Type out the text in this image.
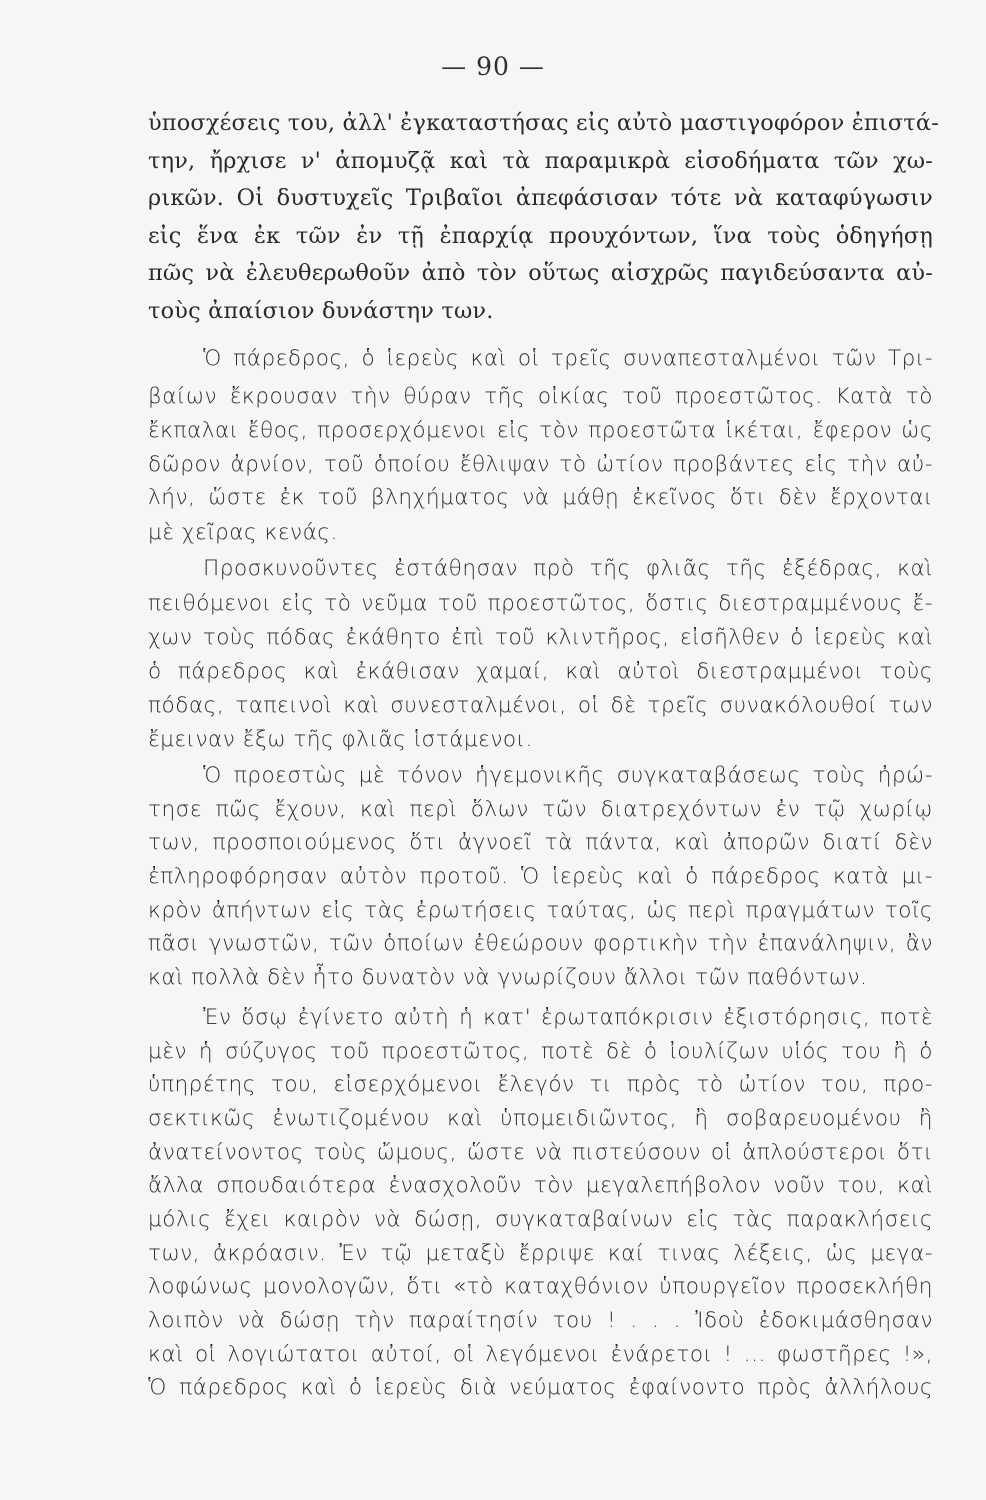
— 90 —
ὑποσχέσεις του, ἀλλ' ἐγκαταστήσας εἰς αὐτὸ μαστιγοφόρον ἐπιστά-
την, ἤρχισε ν' ἀπομυζᾷ καὶ τὰ παραμικρὰ εἰσοδήματα τῶν χω-
ρικῶν. Οἱ δυστυχεῖς Τριβαῖοι ἀπεφάσισαν τότε νὰ καταφύγωσιν
εἰς ἕνα ἐκ τῶν ἐν τῇ ἐπαρχίᾳ προυχόντων, ἵνα τοὺς ὁδηγήσῃ
πῶς νὰ ἐλευθερωθοῦν ἀπὸ τὸν οὕτως αἰσχρῶς παγιδεύσαντα αὐ-
τοὺς ἀπαίσιον δυνάστην των.
Ὁ πάρεδρος, ὁ ἱερεὺς καὶ οἱ τρεῖς συναπεσταλμένοι τῶν Τρι-
βαίων ἔκρουσαν τὴν θύραν τῆς οἰκίας τοῦ προεστῶτος. Κατὰ τὸ
ἔκπαλαι ἔθος, προσερχόμενοι εἰς τὸν προεστῶτα ἱκέται, ἔφερον ὡς
δῶρον ἀρνίον, τοῦ ὁποίου ἔθλιψαν τὸ ὠτίον προβάντες εἰς τὴν αὐ-
λήν, ὥστε ἐκ τοῦ βληχήματος νὰ μάθῃ ἐκεῖνος ὅτι δὲν ἔρχονται
μὲ χεῖρας κενάς.
Προσκυνοῦντες ἐστάθησαν πρὸ τῆς φλιᾶς τῆς ἐξέδρας, καὶ
πειθόμενοι εἰς τὸ νεῦμα τοῦ προεστῶτος, ὅστις διεστραμμένους ἔ-
χων τοὺς πόδας ἐκάθητο ἐπὶ τοῦ κλιντῆρος, εἰσῆλθεν ὁ ἱερεὺς καὶ
ὁ πάρεδρος καὶ ἐκάθισαν χαμαί, καὶ αὐτοὶ διεστραμμένοι τοὺς
πόδας, ταπεινοὶ καὶ συνεσταλμένοι, οἱ δὲ τρεῖς συνακόλουθοί των
ἔμειναν ἔξω τῆς φλιᾶς ἱστάμενοι.
Ὁ προεστὼς μὲ τόνον ἡγεμονικῆς συγκαταβάσεως τοὺς ἠρώ-
τησε πῶς ἔχουν, καὶ περὶ ὅλων τῶν διατρεχόντων ἐν τῷ χωρίῳ
των, προσποιούμενος ὅτι ἀγνοεῖ τὰ πάντα, καὶ ἀπορῶν διατί δὲν
ἐπληροφόρησαν αὐτὸν προτοῦ. Ὁ ἱερεὺς καὶ ὁ πάρεδρος κατὰ μι-
κρὸν ἀπήντων εἰς τὰς ἐρωτήσεις ταύτας, ὡς περὶ πραγμάτων τοῖς
πᾶσι γνωστῶν, τῶν ὁποίων ἐθεώρουν φορτικὴν τὴν ἐπανάληψιν, ἂν
καὶ πολλὰ δὲν ἦτο δυνατὸν νὰ γνωρίζουν ἄλλοι τῶν παθόντων.
Ἐν ὅσῳ ἐγίνετο αὐτὴ ἡ κατ' ἐρωταπόκρισιν ἐξιστόρησις, ποτὲ
μὲν ἡ σύζυγος τοῦ προεστῶτος, ποτὲ δὲ ὁ ἰουλίζων υἱός του ἢ ὁ
ὑπηρέτης του, εἰσερχόμενοι ἔλεγόν τι πρὸς τὸ ὠτίον του, προ-
σεκτικῶς ἐνωτιζομένου καὶ ὑπομειδιῶντος, ἢ σοβαρευομένου ἢ
ἀνατείνοντος τοὺς ὤμους, ὥστε νὰ πιστεύσουν οἱ ἁπλούστεροι ὅτι
ἄλλα σπουδαιότερα ἐνασχολοῦν τὸν μεγαλεπήβολον νοῦν του, καὶ
μόλις ἔχει καιρὸν νὰ δώσῃ, συγκαταβαίνων εἰς τὰς παρακλήσεις
των, ἀκρόασιν. Ἐν τῷ μεταξὺ ἔρριψε καί τινας λέξεις, ὡς μεγα-
λοφώνως μονολογῶν, ὅτι «τὸ καταχθόνιον ὑπουργεῖον προσεκλήθη
λοιπὸν νὰ δώσῃ τὴν παραίτησίν του ! . . . Ἰδοὺ ἐδοκιμάσθησαν
καὶ οἱ λογιώτατοι αὐτοί, οἱ λεγόμενοι ἐνάρετοι ! ... φωστῆρες !»,
Ὁ πάρεδρος καὶ ὁ ἱερεὺς διὰ νεύματος ἐφαίνοντο πρὸς ἀλλήλους
